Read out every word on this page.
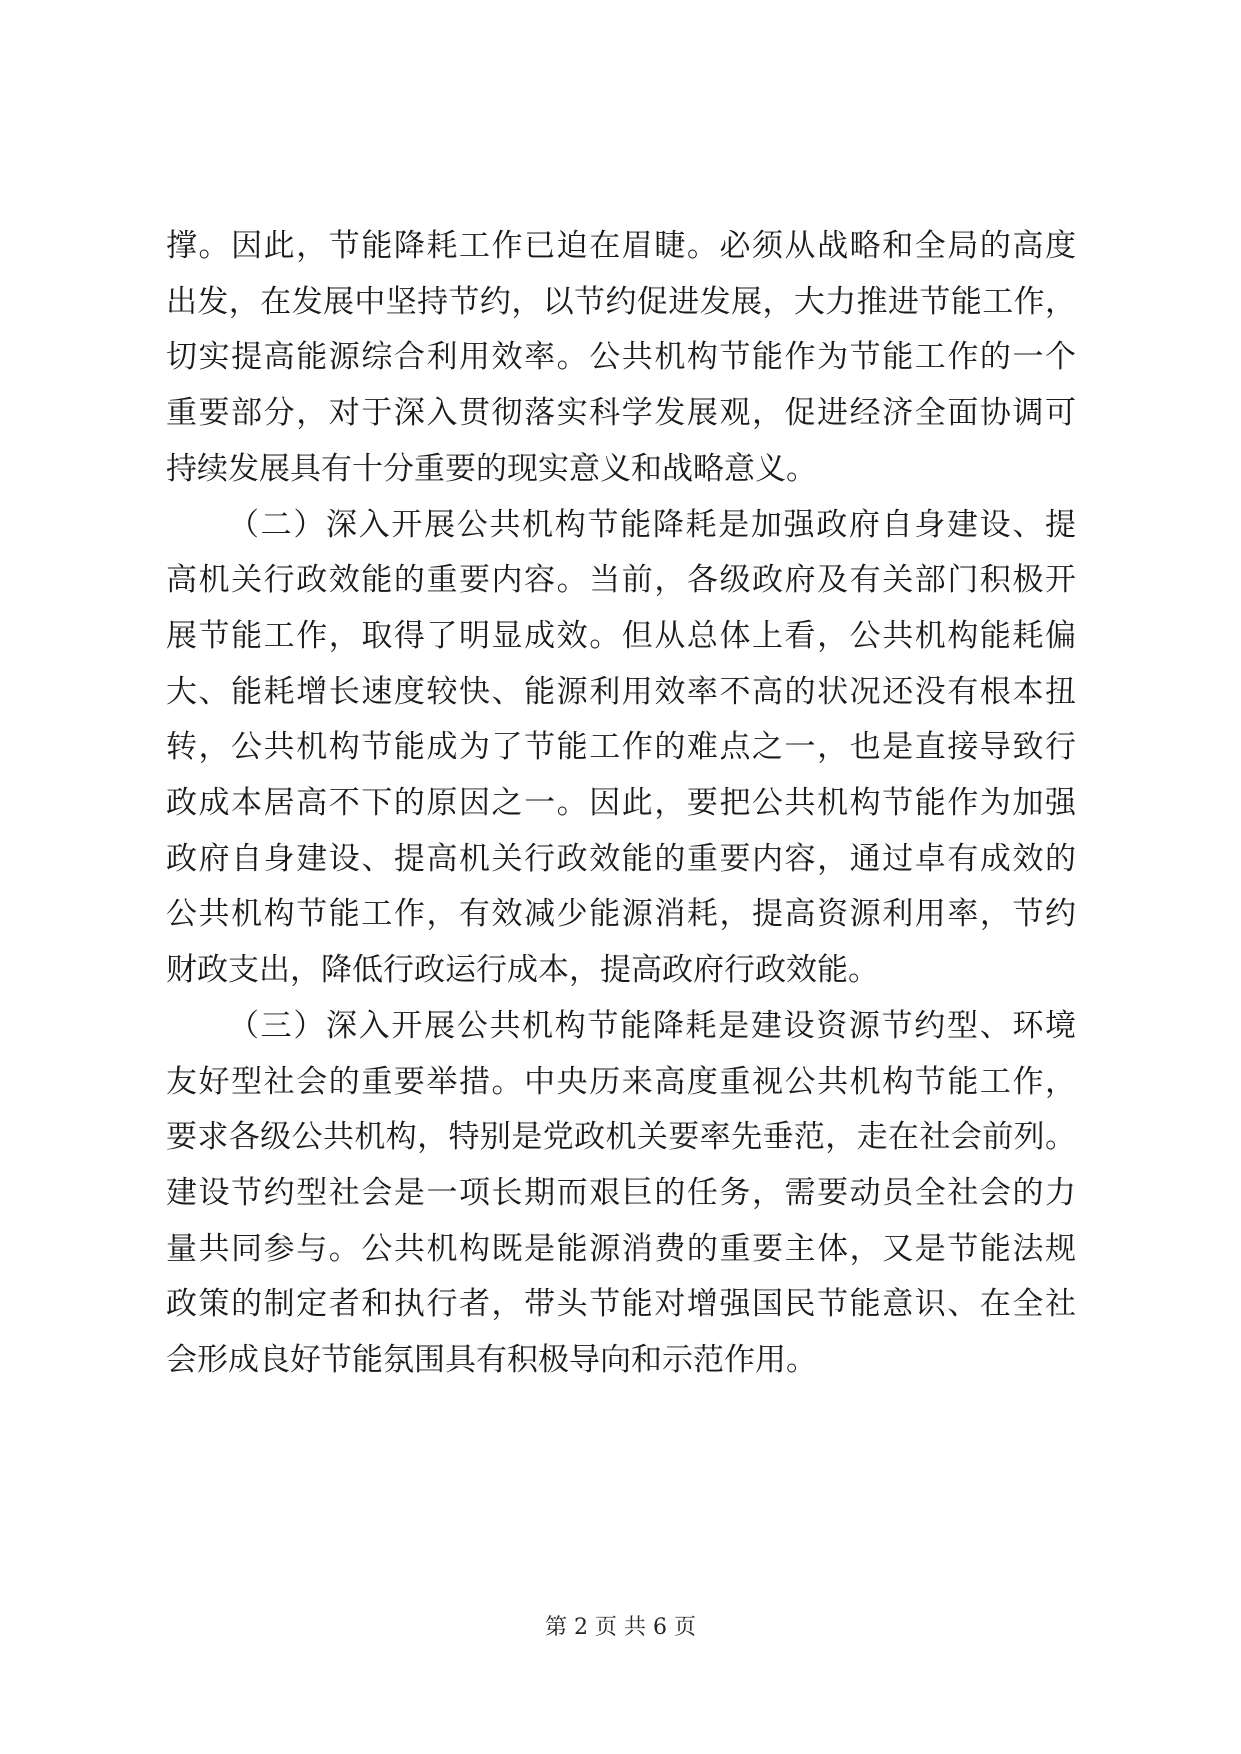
撑。因此，节能降耗工作已迫在眉睫。必须从战略和全局的高度
出发，在发展中坚持节约，以节约促进发展，大力推进节能工作，
切实提高能源综合利用效率。公共机构节能作为节能工作的一个
重要部分，对于深入贯彻落实科学发展观，促进经济全面协调可
持续发展具有十分重要的现实意义和战略意义。
（二）深入开展公共机构节能降耗是加强政府自身建设、提
高机关行政效能的重要内容。当前，各级政府及有关部门积极开
展节能工作，取得了明显成效。但从总体上看，公共机构能耗偏
大、能耗增长速度较快、能源利用效率不高的状况还没有根本扭
转，公共机构节能成为了节能工作的难点之一，也是直接导致行
政成本居高不下的原因之一。因此，要把公共机构节能作为加强
政府自身建设、提高机关行政效能的重要内容，通过卓有成效的
公共机构节能工作，有效减少能源消耗，提高资源利用率，节约
财政支出，降低行政运行成本，提高政府行政效能。
（三）深入开展公共机构节能降耗是建设资源节约型、环境
友好型社会的重要举措。中央历来高度重视公共机构节能工作，
要求各级公共机构，特别是党政机关要率先垂范，走在社会前列。
建设节约型社会是一项长期而艰巨的任务，需要动员全社会的力
量共同参与。公共机构既是能源消费的重要主体，又是节能法规
政策的制定者和执行者，带头节能对增强国民节能意识、在全社
会形成良好节能氛围具有积极导向和示范作用。
第 2 页 共 6 页
